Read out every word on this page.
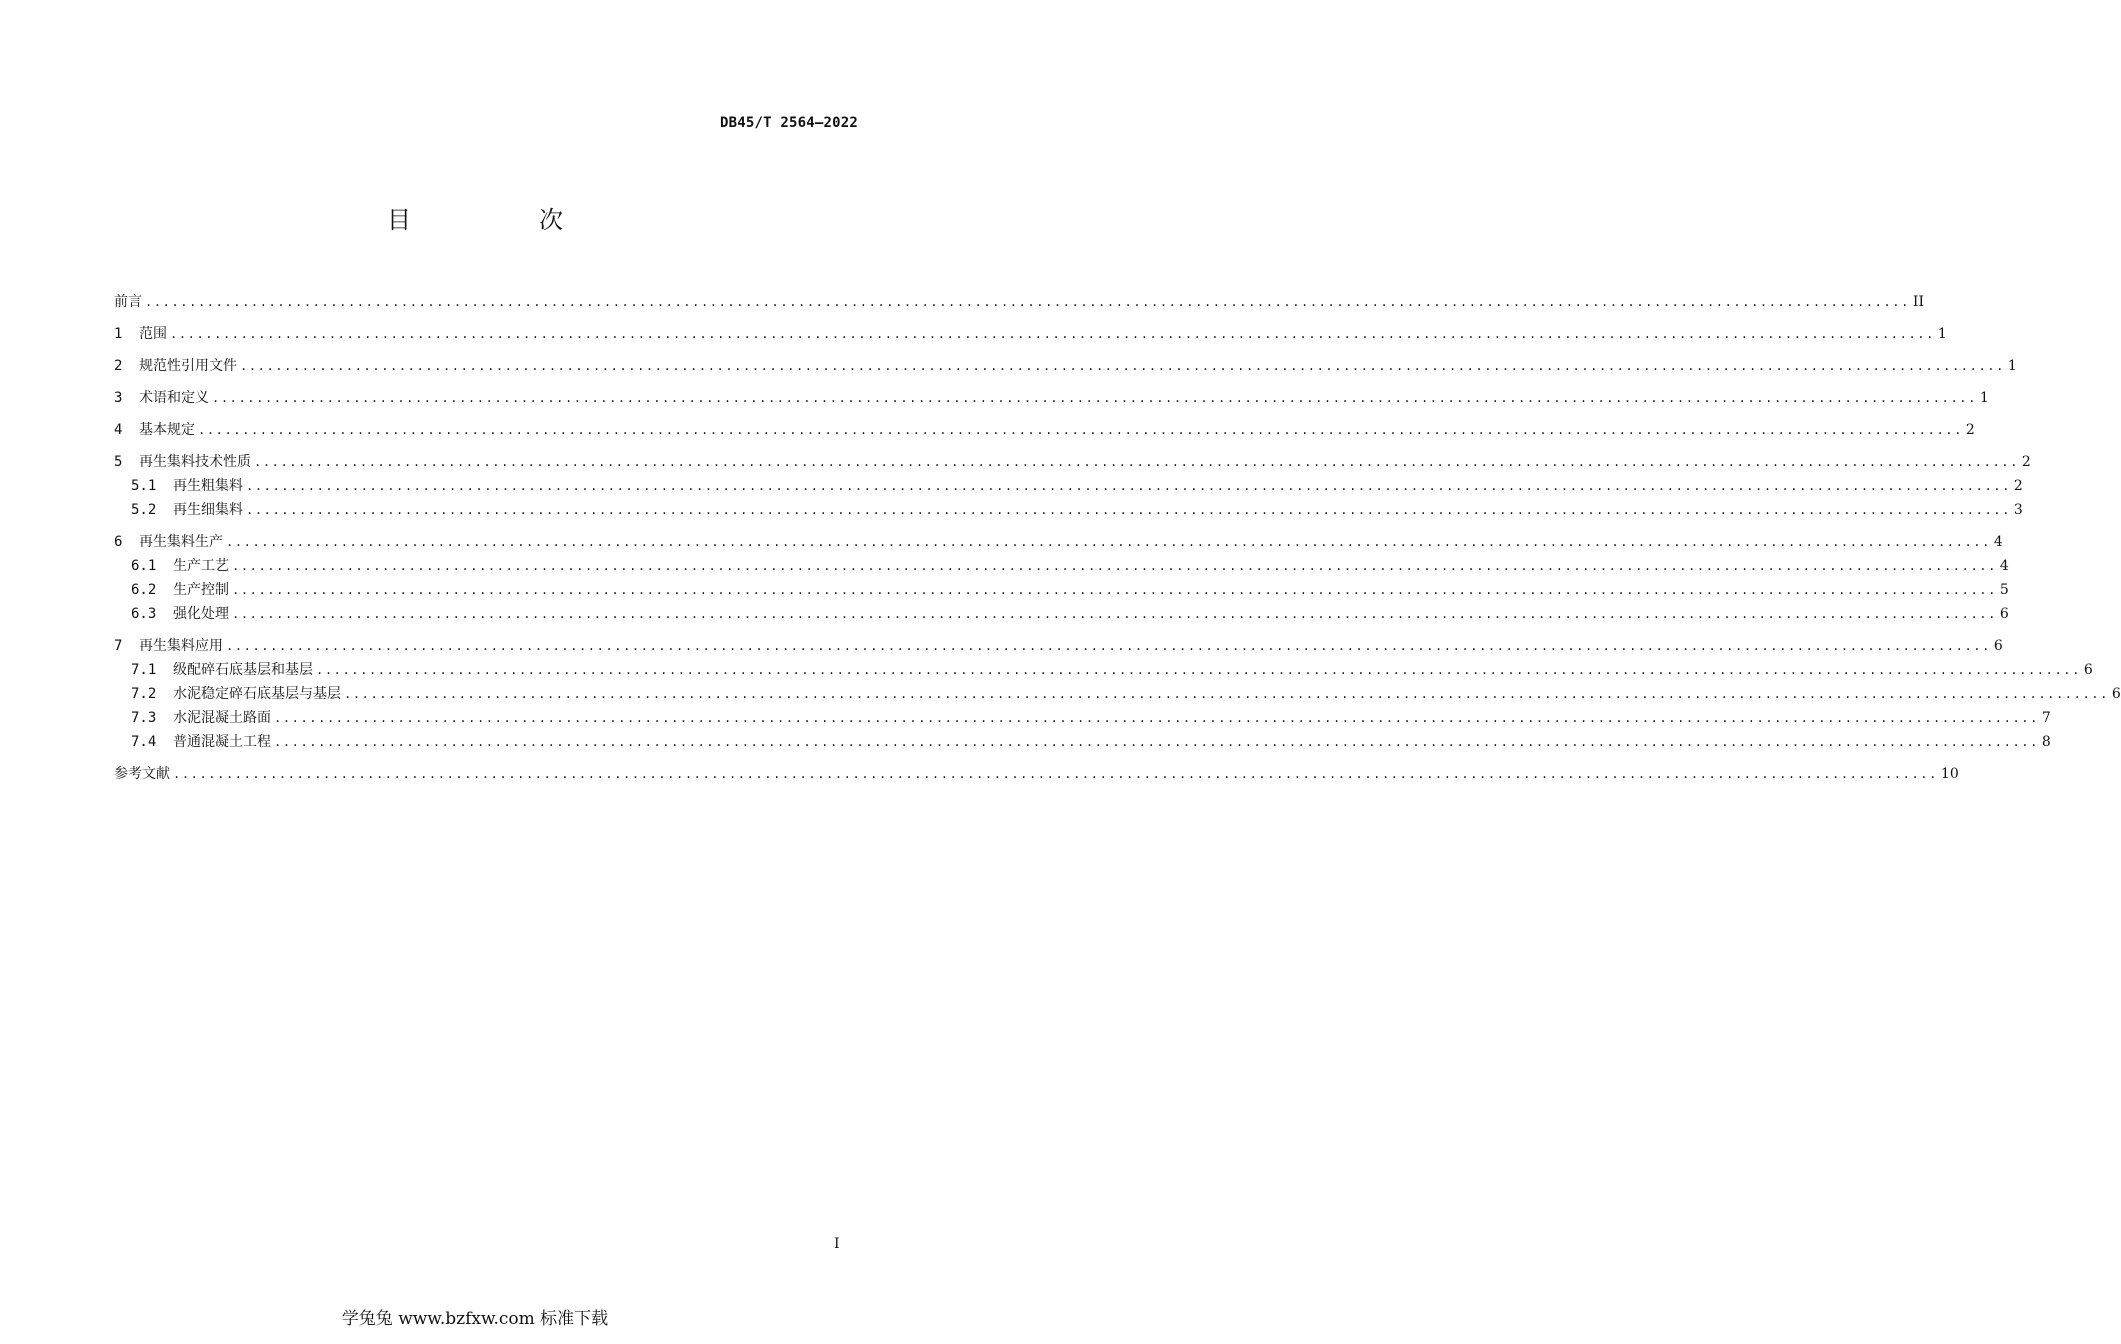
DB45/T 2564—2022
目　次
前言 ........................................................................................................................................................................................................ II
1	范围 ........................................................................................................................................................................................................ 1
2	规范性引用文件 ........................................................................................................................................................................................................ 1
3	术语和定义 ........................................................................................................................................................................................................ 1
4	基本规定 ........................................................................................................................................................................................................ 2
5	再生集料技术性质 ........................................................................................................................................................................................................ 2
5.1	再生粗集料 ........................................................................................................................................................................................................ 2
5.2	再生细集料 ........................................................................................................................................................................................................ 3
6	再生集料生产 ........................................................................................................................................................................................................ 4
6.1	生产工艺 ........................................................................................................................................................................................................ 4
6.2	生产控制 ........................................................................................................................................................................................................ 5
6.3	强化处理 ........................................................................................................................................................................................................ 6
7	再生集料应用 ........................................................................................................................................................................................................ 6
7.1	级配碎石底基层和基层 ........................................................................................................................................................................................................ 6
7.2	水泥稳定碎石底基层与基层 ........................................................................................................................................................................................................ 6
7.3	水泥混凝土路面 ........................................................................................................................................................................................................ 7
7.4	普通混凝土工程 ........................................................................................................................................................................................................ 8
参考文献 ........................................................................................................................................................................................................ 10
I
学兔兔 www.bzfxw.com 标准下载
